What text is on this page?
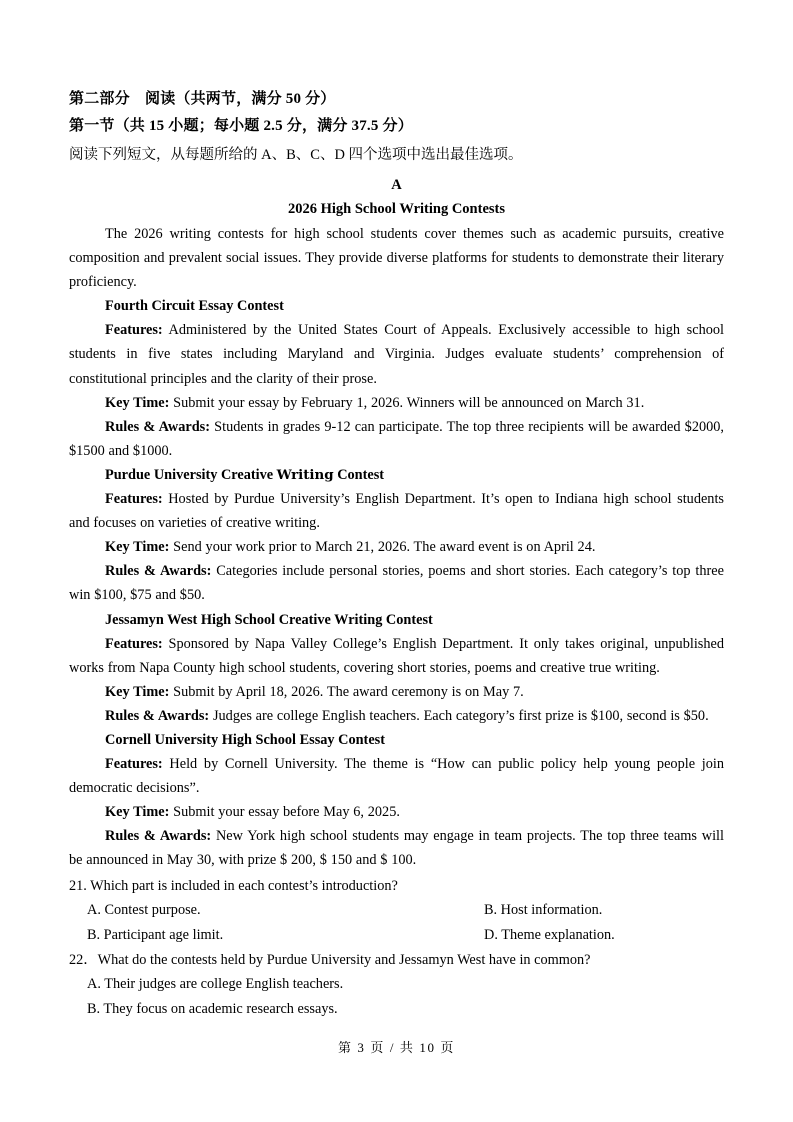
第二部分　阅读（共两节，满分 50 分）
第一节（共 15 小题；每小题 2.5 分，满分 37.5 分）
阅读下列短文，从每题所给的 A、B、C、D 四个选项中选出最佳选项。
A
2026 High School Writing Contests

The 2026 writing contests for high school students cover themes such as academic pursuits, creative composition and prevalent social issues. They provide diverse platforms for students to demonstrate their literary proficiency.

Fourth Circuit Essay Contest

Features: Administered by the United States Court of Appeals. Exclusively accessible to high school students in five states including Maryland and Virginia. Judges evaluate students’ comprehension of constitutional principles and the clarity of their prose.

Key Time: Submit your essay by February 1, 2026. Winners will be announced on March 31.

Rules & Awards: Students in grades 9-12 can participate. The top three recipients will be awarded $2000, $1500 and $1000.

Purdue University Creative Writing Contest

Features: Hosted by Purdue University’s English Department. It’s open to Indiana high school students and focuses on varieties of creative writing.

Key Time: Send your work prior to March 21, 2026. The award event is on April 24.

Rules & Awards: Categories include personal stories, poems and short stories. Each category’s top three win $100, $75 and $50.

Jessamyn West High School Creative Writing Contest

Features: Sponsored by Napa Valley College’s English Department. It only takes original, unpublished works from Napa County high school students, covering short stories, poems and creative true writing.

Key Time: Submit by April 18, 2026. The award ceremony is on May 7.

Rules & Awards: Judges are college English teachers. Each category’s first prize is $100, second is $50.

Cornell University High School Essay Contest

Features: Held by Cornell University. The theme is “How can public policy help young people join democratic decisions”.

Key Time: Submit your essay before May 6, 2025.

Rules & Awards: New York high school students may engage in team projects. The top three teams will be announced in May 30, with prize $ 200, $ 150 and $ 100.

21. Which part is included in each contest’s introduction?

A. Contest purpose.	B. Host information.
B. Participant age limit.	D. Theme explanation.

22．What do the contests held by Purdue University and Jessamyn West have in common?

A. Their judges are college English teachers.
B. They focus on academic research essays.
第 3 页 / 共 10 页
